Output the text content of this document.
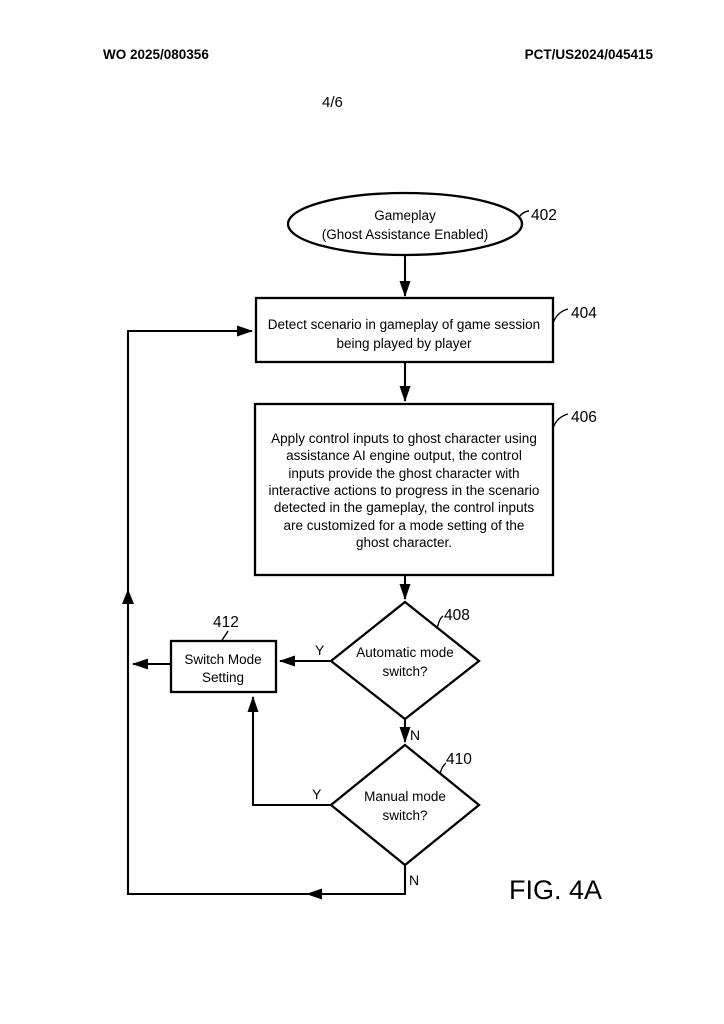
WO 2025/080356	PCT/US2024/045415
4/6
Gameplay
(Ghost Assistance Enabled)
Detect scenario in gameplay of game session
being played by player
Apply control inputs to ghost character using
assistance AI engine output, the control
inputs provide the ghost character with
interactive actions to progress in the scenario
detected in the gameplay, the control inputs
are customized for a mode setting of the
ghost character.
Automatic mode
switch?
Switch Mode
Setting
Manual mode
switch?
402
404
406
408
410
412
Y
N
Y
N	FIG. 4A
